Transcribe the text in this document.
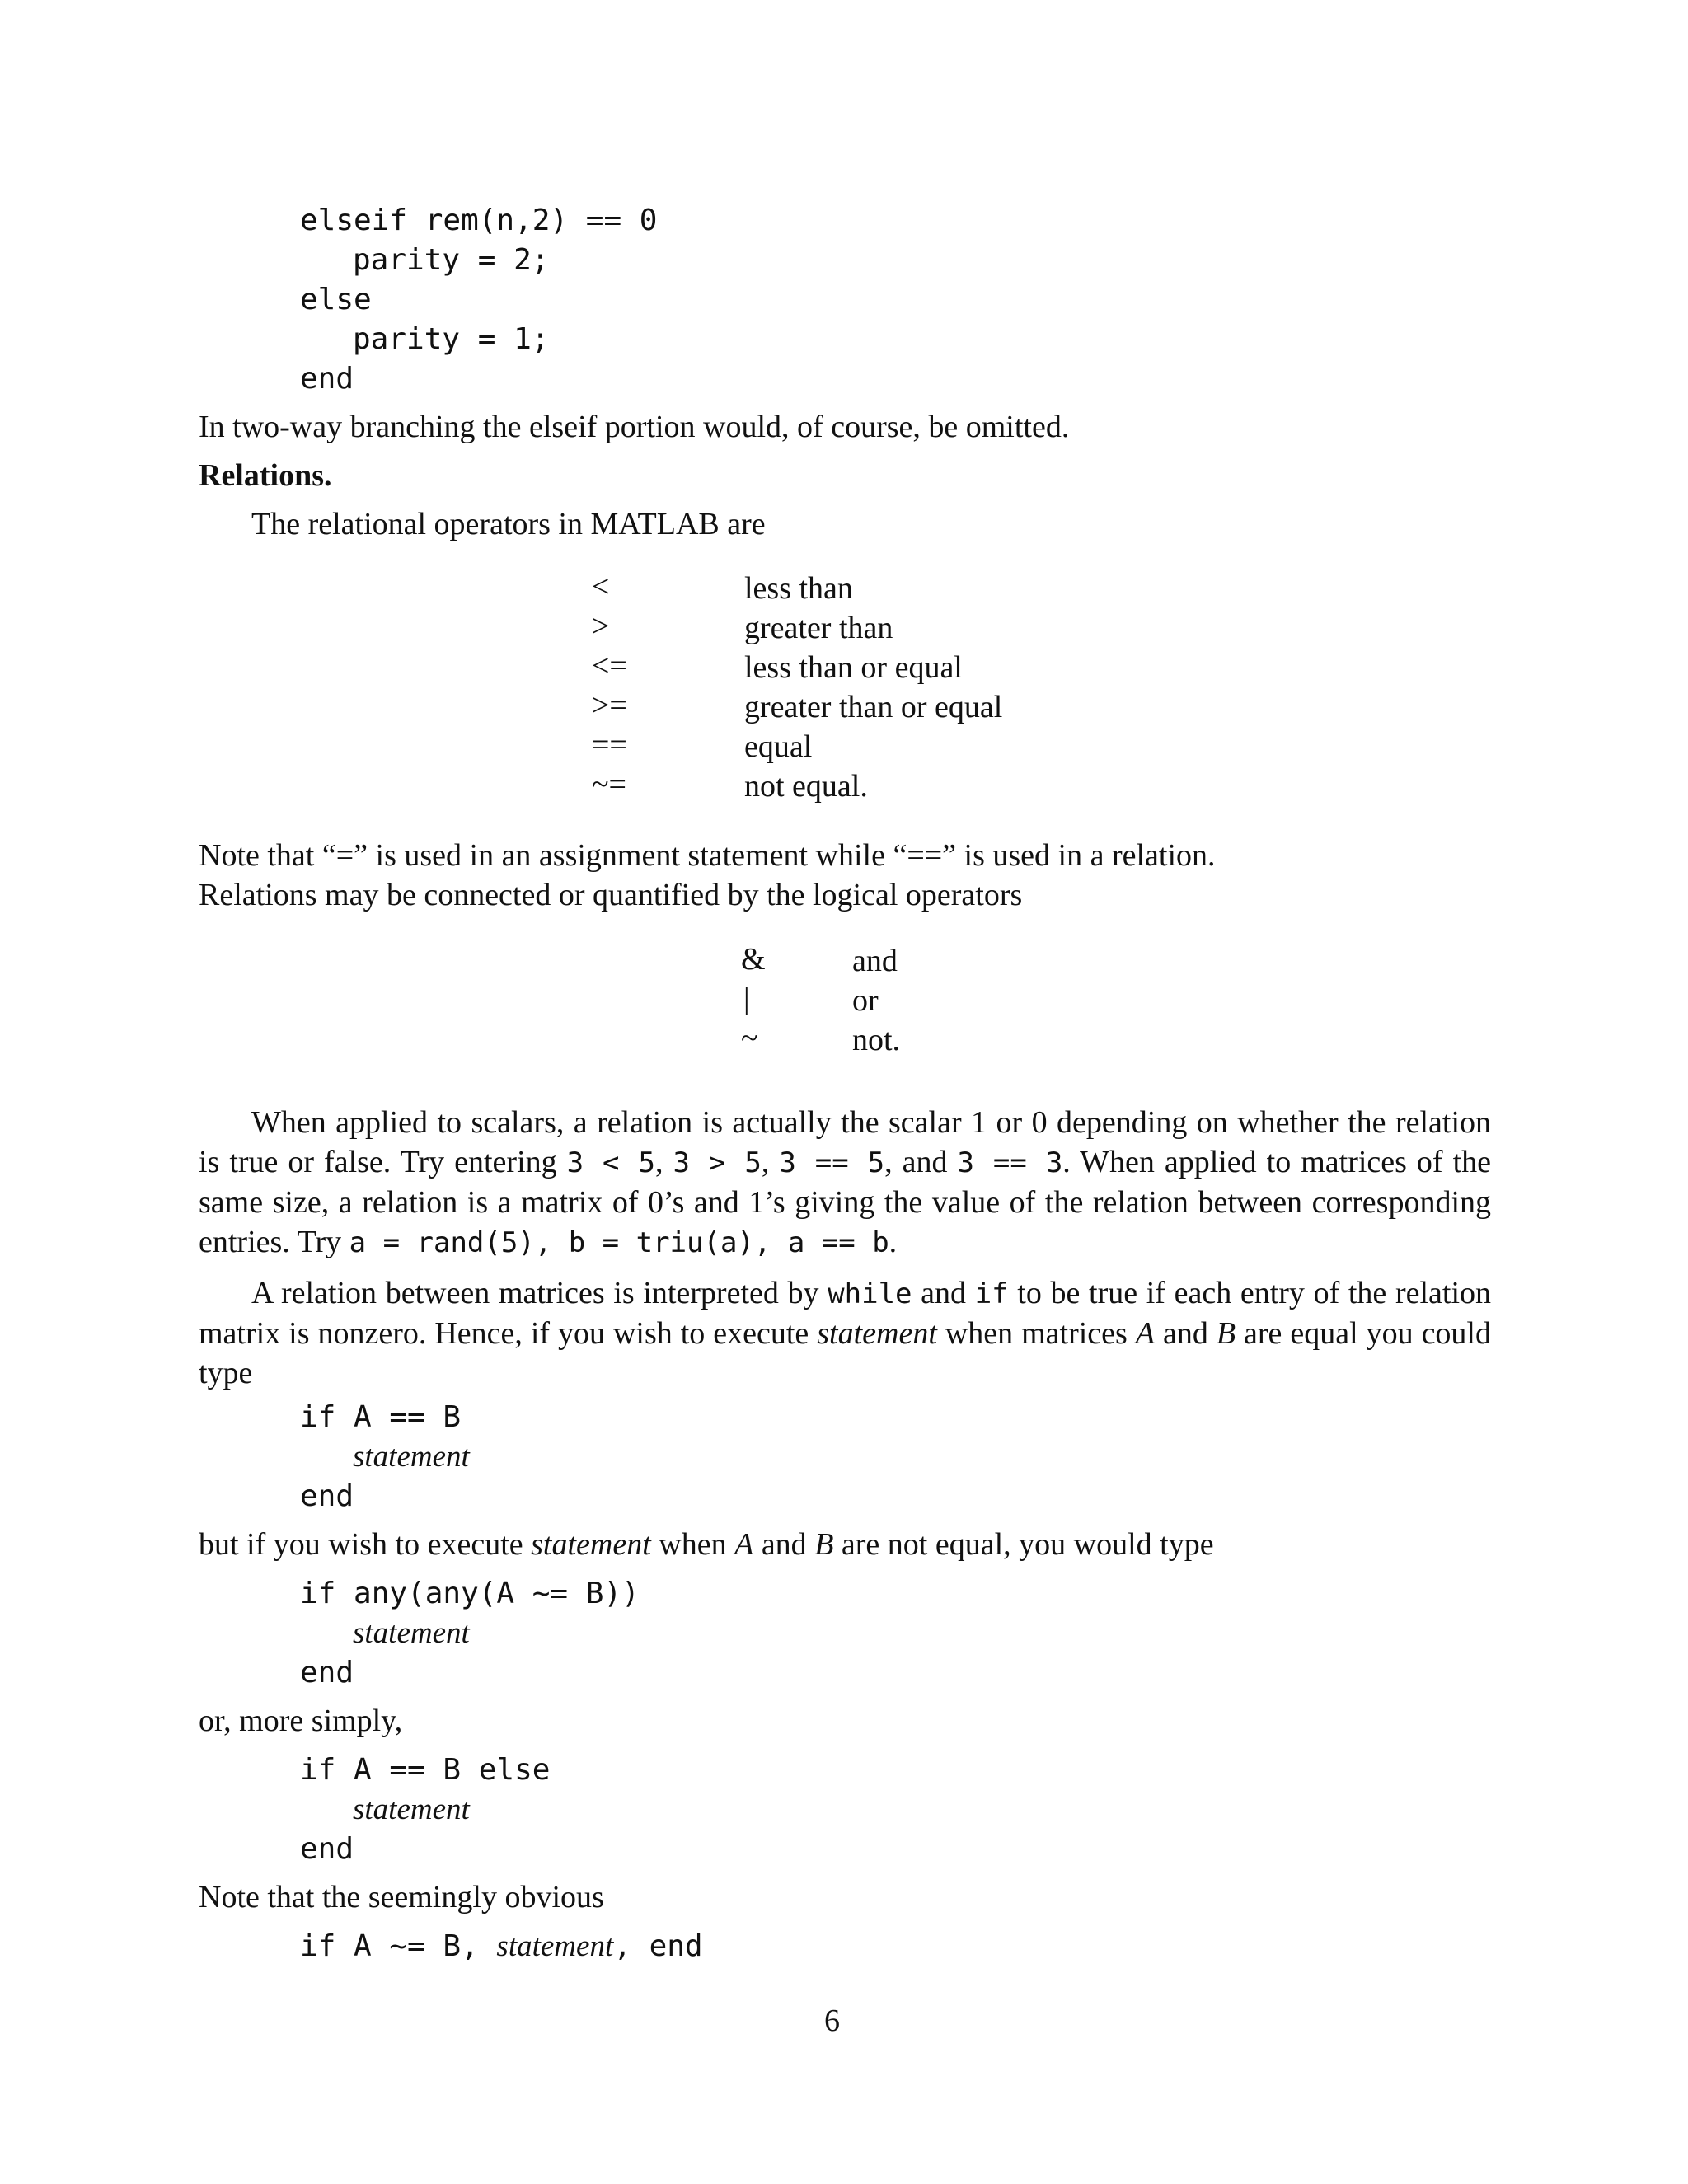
elseif rem(n,2) == 0
parity = 2;
else
parity = 1;
end
In two-way branching the elseif portion would, of course, be omitted.
Relations.
The relational operators in MATLAB are
<	less than
>	greater than
<=	less than or equal
>=	greater than or equal
==	equal
~=	not equal.
Note that “=” is used in an assignment statement while “==” is used in a relation.
Relations may be connected or quantified by the logical operators
&	and
|	or
~	not.
When applied to scalars, a relation is actually the scalar 1 or 0 depending on whether the relation is true or false. Try entering 3 < 5, 3 > 5, 3 == 5, and 3 == 3. When applied to matrices of the same size, a relation is a matrix of 0’s and 1’s giving the value of the relation between corresponding entries. Try a = rand(5), b = triu(a), a == b.
A relation between matrices is interpreted by while and if to be true if each entry of the relation matrix is nonzero. Hence, if you wish to execute statement when matrices A and B are equal you could type
if A == B
statement
end
but if you wish to execute statement when A and B are not equal, you would type
if any(any(A ~= B))
statement
end
or, more simply,
if A == B else
statement
end
Note that the seemingly obvious
if A ~= B, statement, end
6
